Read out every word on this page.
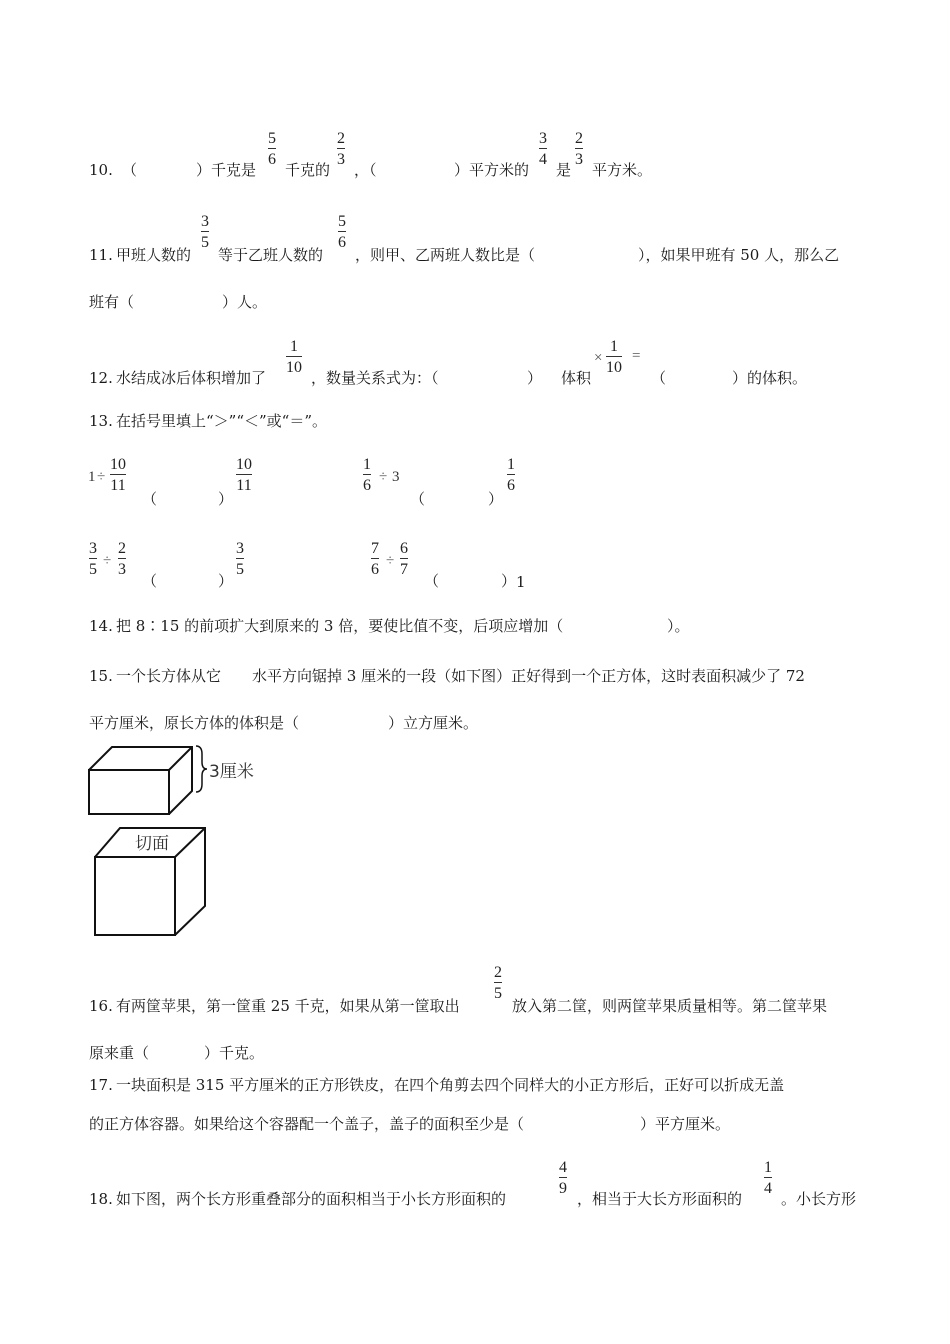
10. （	）千克是
5
6
千克的
2
3
，（	）平方米的
3
4
是
2
3
平方米。
11. 甲班人数的
3
5
等于乙班人数的
5
6
，则甲、乙两班人数比是（	），如果甲班有 50 人，那么乙
班有（	）人。
12. 水结成冰后体积增加了
1
10
，数量关系式为：（	） 体积
×
1
10
=
（	）的体积。
13. 在括号里填上“＞”“＜”或“＝”。
1 ÷
10
11
（	）
10
11
1
6 ÷ 3
（	）
1
6
3
5 ÷
2
3
（	）
3
5
7
6 ÷
6
7
（	） 1
14. 把 8∶15 的前项扩大到原来的 3 倍，要使比值不变，后项应增加（	）。
15. 一个长方体从它 水平方向锯掉 3 厘米的一段（如下图）正好得到一个正方体，这时表面积减少了 72
平方厘米，原长方体的体积是（	）立方厘米。
3厘米
切面
16. 有两筐苹果，第一筐重 25 千克，如果从第一筐取出
2
5
放入第二筐，则两筐苹果质量相等。第二筐苹果
原来重（	）千克。
17. 一块面积是 315 平方厘米的正方形铁皮，在四个角剪去四个同样大的小正方形后，正好可以折成无盖
的正方体容器。如果给这个容器配一个盖子，盖子的面积至少是（	）平方厘米。
18. 如下图，两个长方形重叠部分的面积相当于小长方形面积的
4
9
，相当于大长方形面积的
1
4
。小长方形
